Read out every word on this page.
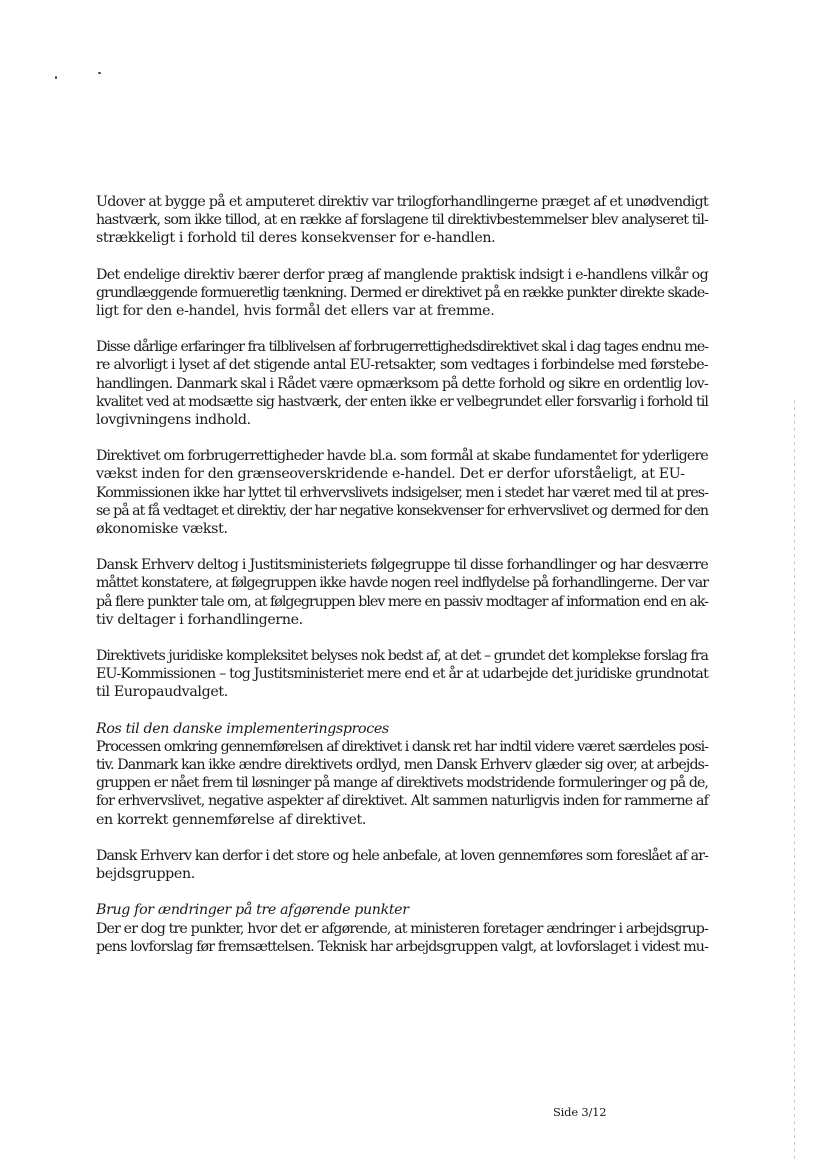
Udover at bygge på et amputeret direktiv var trilogforhandlingerne præget af et unødvendigt
hastværk, som ikke tillod, at en række af forslagene til direktivbestemmelser blev analyseret til-
strækkeligt i forhold til deres konsekvenser for e-handlen.
Det endelige direktiv bærer derfor præg af manglende praktisk indsigt i e-handlens vilkår og
grundlæggende formueretlig tænkning. Dermed er direktivet på en række punkter direkte skade-
ligt for den e-handel, hvis formål det ellers var at fremme.
Disse dårlige erfaringer fra tilblivelsen af forbrugerrettighedsdirektivet skal i dag tages endnu me-
re alvorligt i lyset af det stigende antal EU-retsakter, som vedtages i forbindelse med førstebe-
handlingen. Danmark skal i Rådet være opmærksom på dette forhold og sikre en ordentlig lov-
kvalitet ved at modsætte sig hastværk, der enten ikke er velbegrundet eller forsvarlig i forhold til
lovgivningens indhold.
Direktivet om forbrugerrettigheder havde bl.a. som formål at skabe fundamentet for yderligere
vækst inden for den grænseoverskridende e-handel. Det er derfor uforståeligt, at EU-
Kommissionen ikke har lyttet til erhvervslivets indsigelser, men i stedet har været med til at pres-
se på at få vedtaget et direktiv, der har negative konsekvenser for erhvervslivet og dermed for den
økonomiske vækst.
Dansk Erhverv deltog i Justitsministeriets følgegruppe til disse forhandlinger og har desværre
måttet konstatere, at følgegruppen ikke havde nogen reel indflydelse på forhandlingerne. Der var
på flere punkter tale om, at følgegruppen blev mere en passiv modtager af information end en ak-
tiv deltager i forhandlingerne.
Direktivets juridiske kompleksitet belyses nok bedst af, at det – grundet det komplekse forslag fra
EU-Kommissionen – tog Justitsministeriet mere end et år at udarbejde det juridiske grundnotat
til Europaudvalget.
Ros til den danske implementeringsproces
Processen omkring gennemførelsen af direktivet i dansk ret har indtil videre været særdeles posi-
tiv. Danmark kan ikke ændre direktivets ordlyd, men Dansk Erhverv glæder sig over, at arbejds-
gruppen er nået frem til løsninger på mange af direktivets modstridende formuleringer og på de,
for erhvervslivet, negative aspekter af direktivet. Alt sammen naturligvis inden for rammerne af
en korrekt gennemførelse af direktivet.
Dansk Erhverv kan derfor i det store og hele anbefale, at loven gennemføres som foreslået af ar-
bejdsgruppen.
Brug for ændringer på tre afgørende punkter
Der er dog tre punkter, hvor det er afgørende, at ministeren foretager ændringer i arbejdsgrup-
pens lovforslag før fremsættelsen. Teknisk har arbejdsgruppen valgt, at lovforslaget i videst mu-
Side 3/12
